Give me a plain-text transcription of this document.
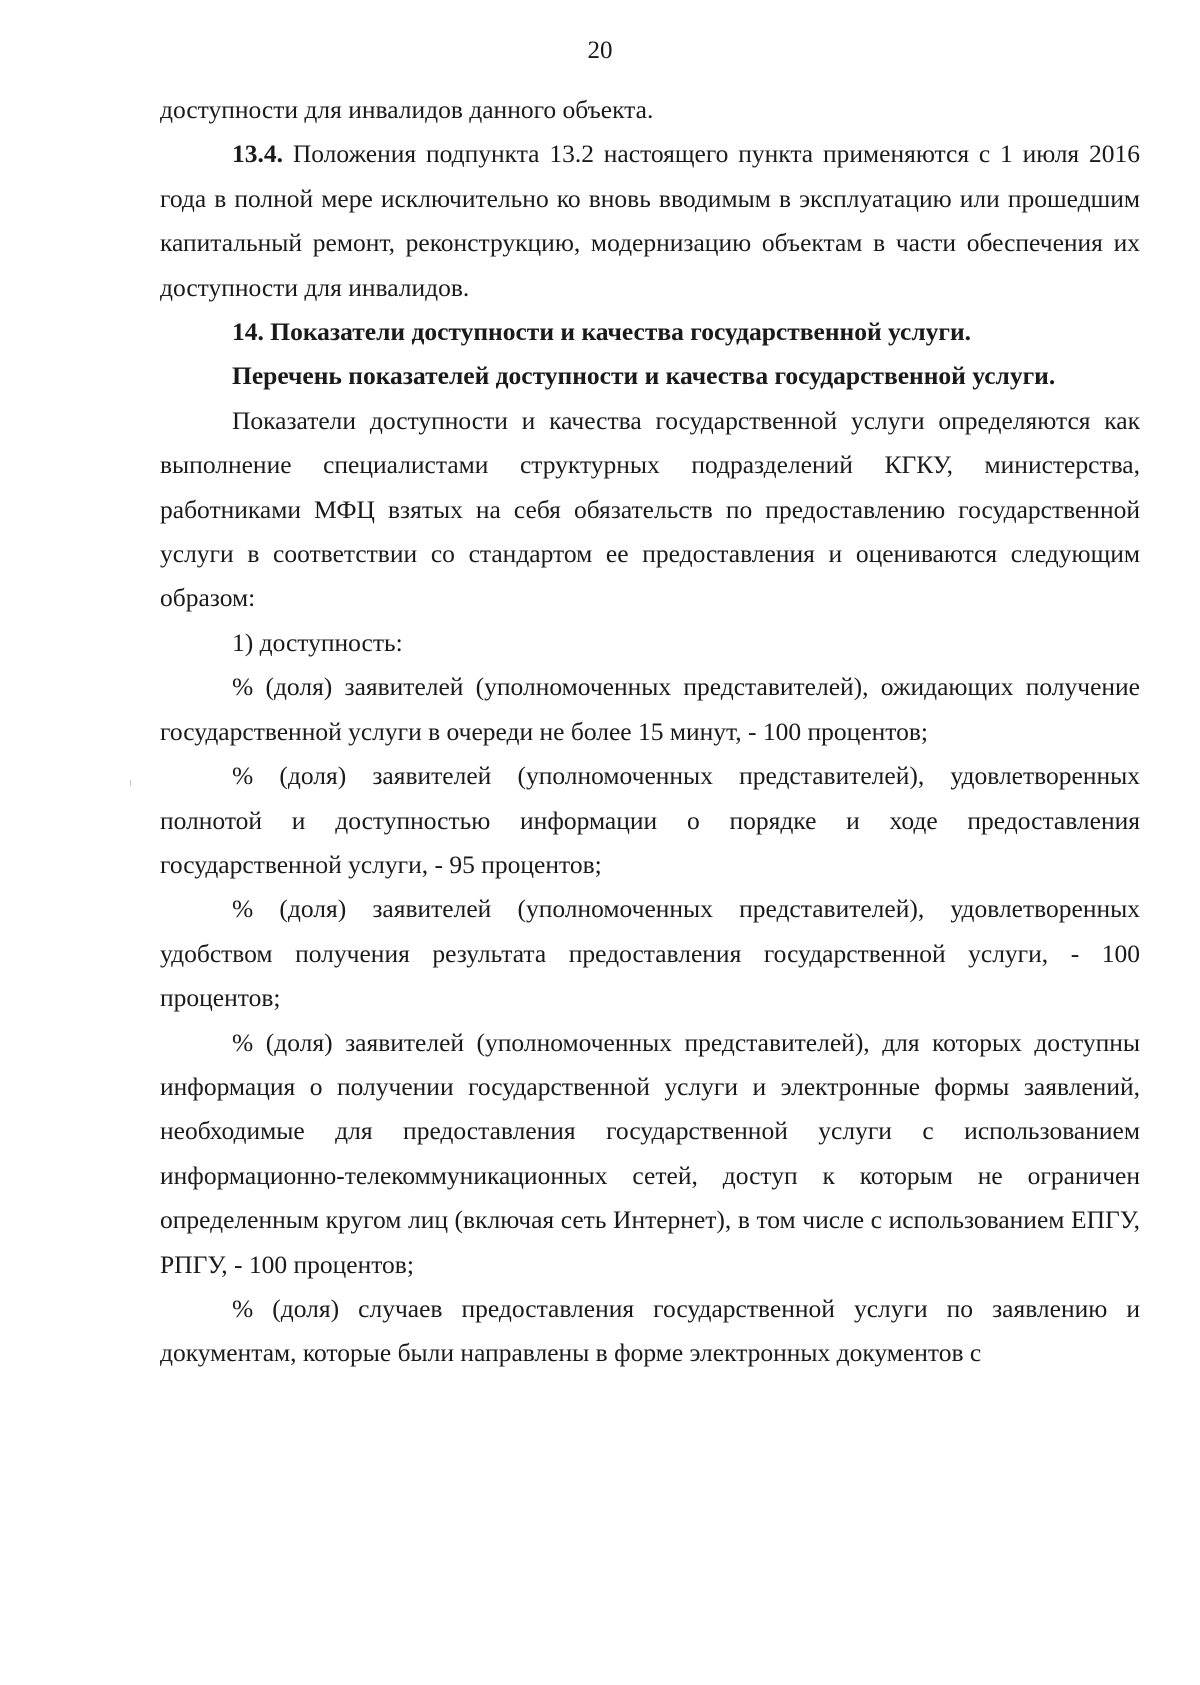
20

доступности для инвалидов данного объекта.

13.4. Положения подпункта 13.2 настоящего пункта применяются с 1 июля 2016 года в полной мере исключительно ко вновь вводимым в эксплуатацию или прошедшим капитальный ремонт, реконструкцию, модернизацию объектам в части обеспечения их доступности для инвалидов.

14. Показатели доступности и качества государственной услуги.

Перечень показателей доступности и качества государственной услуги.

Показатели доступности и качества государственной услуги определяются как выполнение специалистами структурных подразделений КГКУ, министерства, работниками МФЦ взятых на себя обязательств по предоставлению государственной услуги в соответствии со стандартом ее предоставления и оцениваются следующим образом:

1) доступность:

% (доля) заявителей (уполномоченных представителей), ожидающих получение государственной услуги в очереди не более 15 минут, - 100 процентов;

% (доля) заявителей (уполномоченных представителей), удовлетворенных полнотой и доступностью информации о порядке и ходе предоставления государственной услуги, - 95 процентов;

% (доля) заявителей (уполномоченных представителей), удовлетворенных удобством получения результата предоставления государственной услуги, - 100 процентов;

% (доля) заявителей (уполномоченных представителей), для которых доступны информация о получении государственной услуги и электронные формы заявлений, необходимые для предоставления государственной услуги с использованием информационно-телекоммуникационных сетей, доступ к которым не ограничен определенным кругом лиц (включая сеть Интернет), в том числе с использованием ЕПГУ, РПГУ, - 100 процентов;

% (доля) случаев предоставления государственной услуги по заявлению и документам, которые были направлены в форме электронных документов с
